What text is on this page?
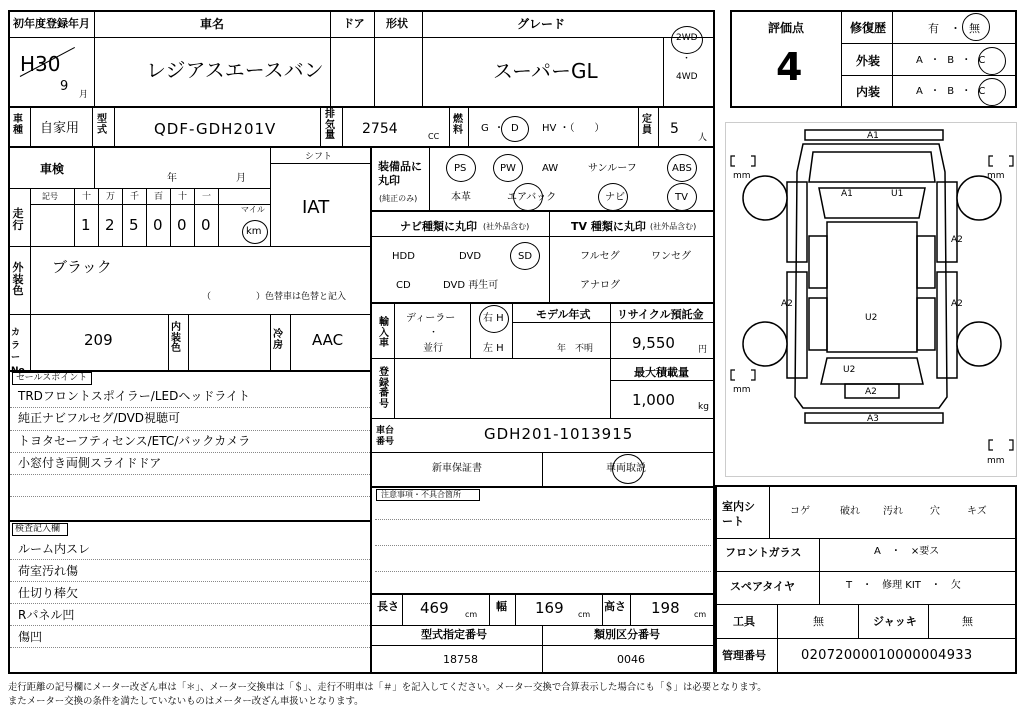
初年度登録年月	車名	ドア 形状	グレード
H30
9
月
レジアスエースバン	スーパーGL
2WD
・
4WD
評価点
4
修復歴	有 ・ 無
外装	A ・ B ・ C
内装	A ・ B ・ C
車種 自家用
型式	QDF-GDH201V
排気量 2754	CC
燃料 G ・ D HV ・（　　）
定員 5
人
車検
年	月
シフト
IAT
走行
記号	十 万 千 百 十 一
1 2 5 0 0 0
マイル
km
外装色
ブラック
（　　　　　）色替車は色替と記入
カラーNo.
209
内装色
冷房 AAC
セールスポイント
TRDフロントスポイラー/LEDヘッドライト
純正ナビフルセグ/DVD視聴可
トヨタセーフティセンス/ETC/バックカメラ
小窓付き両側スライドドア
検査記入欄
ルーム内スレ
荷室汚れ傷
仕切り棒欠
Rパネル凹
傷凹
装備品に丸印
(純正のみ)
PS	PW	AW	サンルーフ	ABS
本革	エアバック	ナビ	TV
ナビ種類に丸印 (社外品含む)
HDD	DVD	SD
CD	DVD 再生可
TV 種類に丸印 (社外品含む)
フルセグ	ワンセグ
アナログ
輸入車
ディーラー
・
並行
右 H
左 H
モデル年式
年　不明
リサイクル預託金
9,550	円
登録番号
最大積載量
1,000	kg
車台番号	GDH201-1013915
新車保証書	車両取説
注意事項・不具合箇所
長さ 469 cm
幅 169 cm
高さ 198 cm
型式指定番号
18758
類別区分番号
0046
室内シート
コゲ	破れ 汚れ	穴	キズ
フロントガラス	A　・　×要ス
スペアタイヤ	T　・　修理 KIT　・　欠
工具	無	ジャッキ	無
管理番号	02072000010000004933
mm	mm
mm
mm
A1
A1	U1
A2
A2	A2
U2
U2
A2
A3
走行距離の記号欄にメーター改ざん車は「＊」、メーター交換車は「＄」、走行不明車は「＃」を記入してください。メーター交換で合算表示した場合にも「＄」は必要となります。
またメーター交換の条件を満たしていないものはメーター改ざん車扱いとなります。
